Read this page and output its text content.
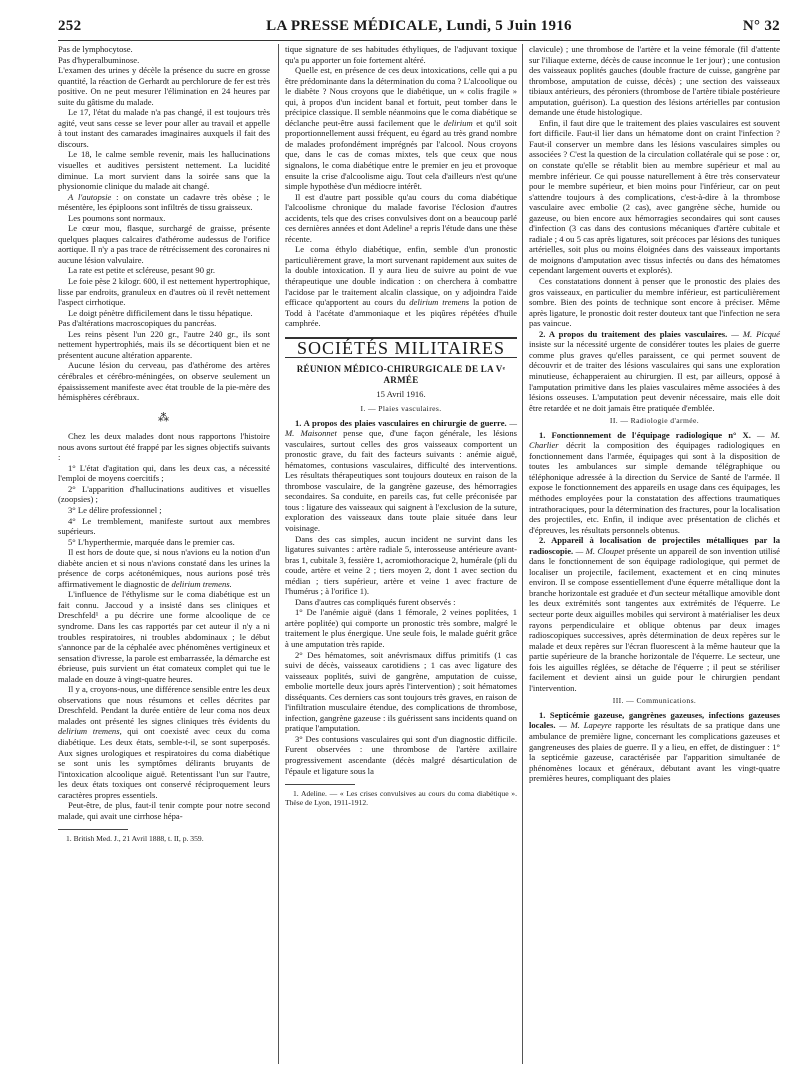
252	LA PRESSE MÉDICALE, Lundi, 5 Juin 1916	N° 32

Pas de lymphocytose.

Pas d'hyperalbuminose.

L'examen des urines y décèle la présence du sucre en grosse quantité, la réaction de Gerhardt au perchlorure de fer est très positive. On ne peut mesurer l'élimination en 24 heures par suite du gâtisme du malade.

Le 17, l'état du malade n'a pas changé, il est toujours très agité, veut sans cesse se lever pour aller au travail et appelle à tout instant des camarades imaginaires auxquels il fait des discours.

Le 18, le calme semble revenir, mais les hallucinations visuelles et auditives persistent nettement. La lucidité diminue. La mort survient dans la soirée sans que la physionomie clinique du malade ait changé.

A l'autopsie : on constate un cadavre très obèse ; le mésentère, les épiploons sont infiltrés de tissu graisseux.

Les poumons sont normaux.

Le cœur mou, flasque, surchargé de graisse, présente quelques plaques calcaires d'athérome audessus de l'orifice aortique. Il n'y a pas trace de rétrécissement des coronaires ni aucune lésion valvulaire.

La rate est petite et scléreuse, pesant 90 gr.

Le foie pèse 2 kilogr. 600, il est nettement hypertrophique, lisse par endroits, granuleux en d'autres où il revêt nettement l'aspect cirrhotique.

Le doigt pénètre difficilement dans le tissu hépatique.

Pas d'altérations macroscopiques du pancréas.

Les reins pèsent l'un 220 gr., l'autre 240 gr., ils sont nettement hypertrophiés, mais ils se décortiquent bien et ne présentent aucune altération apparente.

Aucune lésion du cerveau, pas d'athérome des artères cérébrales et cérébro-méningées, on observe seulement un épaississement manifeste avec état trouble de la pie-mère des hémisphères cérébraux.

⁂

Chez les deux malades dont nous rapportons l'histoire nous avons surtout été frappé par les signes objectifs suivants :

1° L'état d'agitation qui, dans les deux cas, a nécessité l'emploi de moyens coercitifs ;

2° L'apparition d'hallucinations auditives et visuelles (zoopsies) ;

3° Le délire professionnel ;

4° Le tremblement, manifeste surtout aux membres supérieurs.

5° L'hyperthermie, marquée dans le premier cas.

Il est hors de doute que, si nous n'avions eu la notion d'un diabète ancien et si nous n'avions constaté dans les urines la présence de corps acétonémiques, nous aurions posé très affirmativement le diagnostic de delirium tremens.

L'influence de l'éthylisme sur le coma diabétique est un fait connu. Jaccoud y a insisté dans ses cliniques et Dreschfeld¹ a pu décrire une forme alcoolique de ce syndrome. Dans les cas rapportés par cet auteur il n'y a ni troubles respiratoires, ni troubles abdominaux ; le début s'annonce par de la céphalée avec phénomènes vertigineux et sensation d'ivresse, la parole est embarrassée, la démarche est ébrieuse, puis survient un état comateux complet qui tue le malade en douze à vingt-quatre heures.

Il y a, croyons-nous, une différence sensible entre les deux observations que nous résumons et celles décrites par Dreschfeld. Pendant la durée entière de leur coma nos deux malades ont présenté les signes cliniques très évidents du delirium tremens, qui ont coexisté avec ceux du coma diabétique. Les deux états, semble-t-il, se sont superposés. Aux signes urologiques et respiratoires du coma diabétique se sont unis les symptômes délirants bruyants de l'intoxication alcoolique aiguë. Retentissant l'un sur l'autre, les deux états toxiques ont conservé réciproquement leurs caractères propres essentiels.

Peut-être, de plus, faut-il tenir compte pour notre second malade, qui avait une cirrhose hépa-

1. British Med. J., 21 Avril 1888, t. II, p. 359.

tique signature de ses habitudes éthyliques, de l'adjuvant toxique qu'a pu apporter un foie fortement altéré.

Quelle est, en présence de ces deux intoxications, celle qui a pu être prédominante dans la détermination du coma ? L'alcoolique ou le diabète ? Nous croyons que le diabétique, un « colis fragile » qui, à propos d'un incident banal et fortuit, peut tomber dans le précipice classique. Il semble néanmoins que le coma diabétique se déclanche peut-être aussi facilement que le delirium et qu'il soit proportionnellement aussi fréquent, eu égard au très grand nombre de malades profondément imprégnés par l'alcool. Nous croyons que, dans le cas de comas mixtes, tels que ceux que nous signalons, le coma diabétique entre le premier en jeu et provoque ensuite la crise d'alcoolisme aigu. Tout cela d'ailleurs n'est qu'une simple hypothèse d'un médiocre intérêt.

Il est d'autre part possible qu'au cours du coma diabétique l'alcoolisme chronique du malade favorise l'éclosion d'autres accidents, tels que des crises convulsives dont on a beaucoup parlé ces dernières années et dont Adeline¹ a repris l'étude dans une thèse récente.

Le coma éthylo diabétique, enfin, semble d'un pronostic particulièrement grave, la mort survenant rapidement aux suites de la double intoxication. Il y aura lieu de suivre au point de vue thérapeutique une double indication : on cherchera à combattre l'acidose par le traitement alcalin classique, on y adjoindra l'aide efficace qu'apportent au cours du delirium tremens la potion de Todd à l'acétate d'ammoniaque et les piqûres répétées d'huile camphrée.

SOCIÉTÉS MILITAIRES
RÉUNION MÉDICO-CHIRURGICALE DE LA Vᵉ ARMÉE
15 Avril 1916.
I. — Plaies vasculaires.

1. A propos des plaies vasculaires en chirurgie de guerre. — M. Maisonnet pense que, d'une façon générale, les lésions vasculaires, surtout celles des gros vaisseaux comportent un pronostic grave, du fait des facteurs suivants : anémie aiguë, hématomes, contusions vasculaires, difficulté des interventions. Les résultats thérapeutiques sont toujours douteux en raison de la thrombose vasculaire, de la gangrène gazeuse, des hémorragies secondaires. Sa conduite, en pareils cas, fut celle préconisée par tous : ligature des vaisseaux qui saignent à l'exclusion de la suture, exploration des vaisseaux dans toute plaie située dans leur voisinage.

Dans des cas simples, aucun incident ne survint dans les ligatures suivantes : artère radiale 5, interosseuse antérieure avant-bras 1, cubitale 3, fessière 1, acromiothoracique 2, humérale (pli du coude, artère et veine 2 ; tiers moyen 2, dont 1 avec section du médian ; tiers supérieur, artère et veine 1 avec fracture de l'humérus ; à l'orifice 1).

Dans d'autres cas compliqués furent observés :

1° De l'anémie aiguë (dans 1 fémorale, 2 veines poplitées, 1 artère poplitée) qui comporte un pronostic très sombre, malgré le traitement le plus énergique. Une seule fois, le malade guérit grâce à une amputation très rapide.

2° Des hématomes, soit anévrismaux diffus primitifs (1 cas suivi de décès, vaisseaux carotidiens ; 1 cas avec ligature des vaisseaux poplités, suivi de gangrène, amputation de cuisse, embolie mortelle deux jours après l'intervention) ; soit hématomes disséquants. Ces derniers cas sont toujours très graves, en raison de l'infiltration musculaire étendue, des complications de thrombose, infection, gangrène gazeuse : ils guérissent sans incidents quand on pratique l'amputation.

3° Des contusions vasculaires qui sont d'un diagnostic difficile. Furent observées : une thrombose de l'artère axillaire progressivement ascendante (décès malgré désarticulation de l'épaule et ligature sous la

1. Adeline. — « Les crises convulsives au cours du coma diabétique ». Thèse de Lyon, 1911-1912.

clavicule) ; une thrombose de l'artère et la veine fémorale (fil d'attente sur l'iliaque externe, décès de cause inconnue le 1er jour) ; une contusion des vaisseaux poplités gauches (double fracture de cuisse, gangrène par thrombose, amputation de cuisse, décès) ; une section des vaisseaux tibiaux antérieurs, des péroniers (thrombose de l'artère tibiale postérieure amputation, guérison). La question des lésions artérielles par contusion demande une étude histologique.

Enfin, il faut dire que le traitement des plaies vasculaires est souvent fort difficile. Faut-il lier dans un hématome dont on craint l'infection ? Faut-il conserver un membre dans les lésions vasculaires simples ou associées ? C'est la question de la circulation collatérale qui se pose : or, on constate qu'elle se rétablit bien au membre supérieur et mal au membre inférieur. Ce qui pousse naturellement à être très conservateur pour le membre supérieur, et bien moins pour l'inférieur, car on peut s'attendre toujours à des complications, c'est-à-dire à la thrombose vasculaire avec embolie (2 cas), avec gangrène sèche, humide ou gazeuse, ou bien encore aux hémorragies secondaires qui sont causes d'infection (3 cas dans des contusions mécaniques d'artère cubitale et radiale ; 4 ou 5 cas après ligatures, soit précoces par lésions des tuniques artérielles, soit plus ou moins éloignées dans des vaisseaux importants de moignons d'amputation avec tissus infectés ou dans des hématomes cependant largement ouverts et explorés).

Ces constatations donnent à penser que le pronostic des plaies des gros vaisseaux, en particulier du membre inférieur, est particulièrement sombre. Bien des points de technique sont encore à préciser. Même après ligature, le pronostic doit rester douteux tant que l'infection ne sera pas vaincue.

2. A propos du traitement des plaies vasculaires. — M. Picqué insiste sur la nécessité urgente de considérer toutes les plaies de guerre comme plus graves qu'elles paraissent, ce qui permet souvent de découvrir et de traiter des lésions vasculaires qui sans une exploration minutieuse, échapperaient au chirurgien. Il est, par ailleurs, opposé à l'amputation primitive dans les plaies vasculaires même associées à des lésions osseuses. L'amputation peut devenir nécessaire, mais elle doit être retardée et ne doit jamais être pratiquée d'emblée.

II. — Radiologie d'armée.

1. Fonctionnement de l'équipage radiologique n° X. — M. Charlier décrit la composition des équipages radiologiques en fonctionnement dans l'armée, équipages qui sont à la disposition de toutes les ambulances sur simple demande télégraphique ou téléphonique adressée à la direction du Service de Santé de l'armée. Il expose le fonctionnement des appareils en usage dans ces équipages, les méthodes employées pour la constatation des affections traumatiques intrathoraciques, pour la détermination des fractures, pour la localisation des projectiles, etc. Enfin, il indique avec présentation de clichés et d'épreuves, les résultats personnels obtenus.

2. Appareil à localisation de projectiles métalliques par la radioscopie. — M. Cloupet présente un appareil de son invention utilisé dans le fonctionnement de son équipage radiologique, qui permet de localiser un projectile, facilement, exactement et en cinq minutes environ. Il se compose essentiellement d'une équerre métallique dont la branche horizontale est graduée et d'un secteur métallique amovible dont les deux extrémités sont tangentes aux extrémités de l'équerre. Le secteur porte deux aiguilles mobiles qui serviront à matérialiser les deux rayons perpendiculaire et oblique obtenus par deux images radioscopiques successives, après détermination de deux repères sur le malade et deux repères sur l'écran fluorescent à la même hauteur que la partie supérieure de la branche horizontale de l'équerre. Le secteur, une fois les aiguilles réglées, se détache de l'équerre ; il peut se stériliser facilement et devient ainsi un guide pour le chirurgien pendant l'intervention.

III. — Communications.

1. Septicémie gazeuse, gangrènes gazeuses, infections gazeuses locales. — M. Lapeyre rapporte les résultats de sa pratique dans une ambulance de première ligne, concernant les complications gazeuses et gangreneuses des plaies de guerre. Il y a lieu, en effet, de distinguer : 1° la septicémie gazeuse, caractérisée par l'apparition simultanée de phénomènes locaux et généraux, débutant avant les vingt-quatre premières heures, compliquant des plaies
